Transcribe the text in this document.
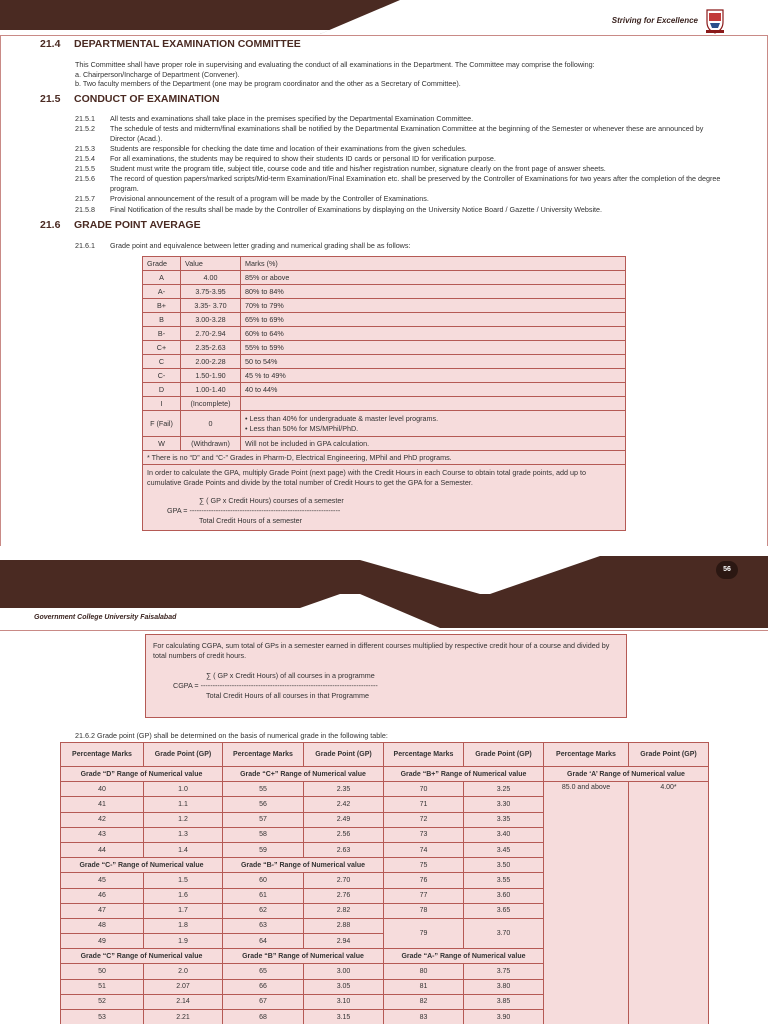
Striving for Excellence
21.4 DEPARTMENTAL EXAMINATION COMMITTEE
This Committee shall have proper role in supervising and evaluating the conduct of all examinations in the Department. The Committee may comprise the following:
a. Chairperson/Incharge of Department (Convener).
b. Two faculty members of the Department (one may be program coordinator and the other as a Secretary of Committee).
21.5 CONDUCT OF EXAMINATION
21.5.1 All tests and examinations shall take place in the premises specified by the Departmental Examination Committee.
21.5.2 The schedule of tests and midterm/final examinations shall be notified by the Departmental Examination Committee at the beginning of the Semester or whenever these are announced by Director (Acad.).
21.5.3 Students are responsible for checking the date time and location of their examinations from the given schedules.
21.5.4 For all examinations, the students may be required to show their students ID cards or personal ID for verification purpose.
21.5.5 Student must write the program title, subject title, course code and title and his/her registration number, signature clearly on the front page of answer sheets.
21.5.6 The record of question papers/marked scripts/Mid-term Examination/Final Examination etc. shall be preserved by the Controller of Examinations for two years after the completion of the degree program.
21.5.7 Provisional announcement of the result of a program will be made by the Controller of Examinations.
21.5.8 Final Notification of the results shall be made by the Controller of Examinations by displaying on the University Notice Board / Gazette / University Website.
21.6 GRADE POINT AVERAGE
21.6.1 Grade point and equivalence between letter grading and numerical grading shall be as follows:
Grade	Value	Marks (%)
A	4.00	85% or above
A-	3.75-3.95	80% to 84%
B+	3.35- 3.70	70% to 79%
B	3.00-3.28	65% to 69%
B-	2.70-2.94	60% to 64%
C+	2.35-2.63	55% to 59%
C	2.00-2.28	50 to 54%
C-	1.50-1.90	45 % to 49%
D	1.00-1.40	40 to 44%
I	(Incomplete)	
F (Fail)	0	• Less than 40% for undergraduate & master level programs.
• Less than 50% for MS/MPhil/PhD.

W	(Withdrawn)	Will not be included in GPA calculation.
* There is no “D” and “C-” Grades in Pharm-D, Electrical Engineering, MPhil and PhD programs.		

In order to calculate the GPA, multiply Grade Point (next page) with the Credit Hours in each Course to obtain total grade points, add up to cumulative Grade Points and divide by the total number of Credit Hours to get the GPA for a Semester.
∑ ( GP x Credit Hours) courses of a semester
GPA = ---------------------------------------------------------------
Total Credit Hours of a semester		
56
Government College University Faisalabad
For calculating CGPA, sum total of GPs in a semester earned in different courses multiplied by respective credit hour of a course and divided by total numbers of credit hours.
∑ ( GP x Credit Hours) of all courses in a programme
CGPA = --------------------------------------------------------------------------
Total Credit Hours of all courses in that Programme
21.6.2 Grade point (GP) shall be determined on the basis of numerical grade in the following table:
Percentage Marks	Grade Point (GP)	Percentage Marks	Grade Point (GP)	Percentage Marks	Grade Point (GP)	Percentage Marks	Grade Point (GP)
Grade “D” Range of Numerical value		Grade “C+” Range of Numerical value		Grade “B+” Range of Numerical value		Grade ‘A’ Range of Numerical value	
40	1.0	55	2.35	70	3.25	85.0 and above	4.00*
41	1.1	56	2.42	71	3.30		
42	1.2	57	2.49	72	3.35		
43	1.3	58	2.56	73	3.40		
44	1.4	59	2.63	74	3.45		
Grade “C-” Range of Numerical value		Grade “B-” Range of Numerical value		75	3.50		
45	1.5	60	2.70	76	3.55		
46	1.6	61	2.76	77	3.60		
47	1.7	62	2.82	78	3.65		
48	1.8	63	2.88	79	3.70		
49	1.9	64	2.94				
Grade “C” Range of Numerical value		Grade “B” Range of Numerical value		Grade “A-” Range of Numerical value			
50	2.0	65	3.00	80	3.75		
51	2.07	66	3.05	81	3.80		
52	2.14	67	3.10	82	3.85		
53	2.21	68	3.15	83	3.90		
